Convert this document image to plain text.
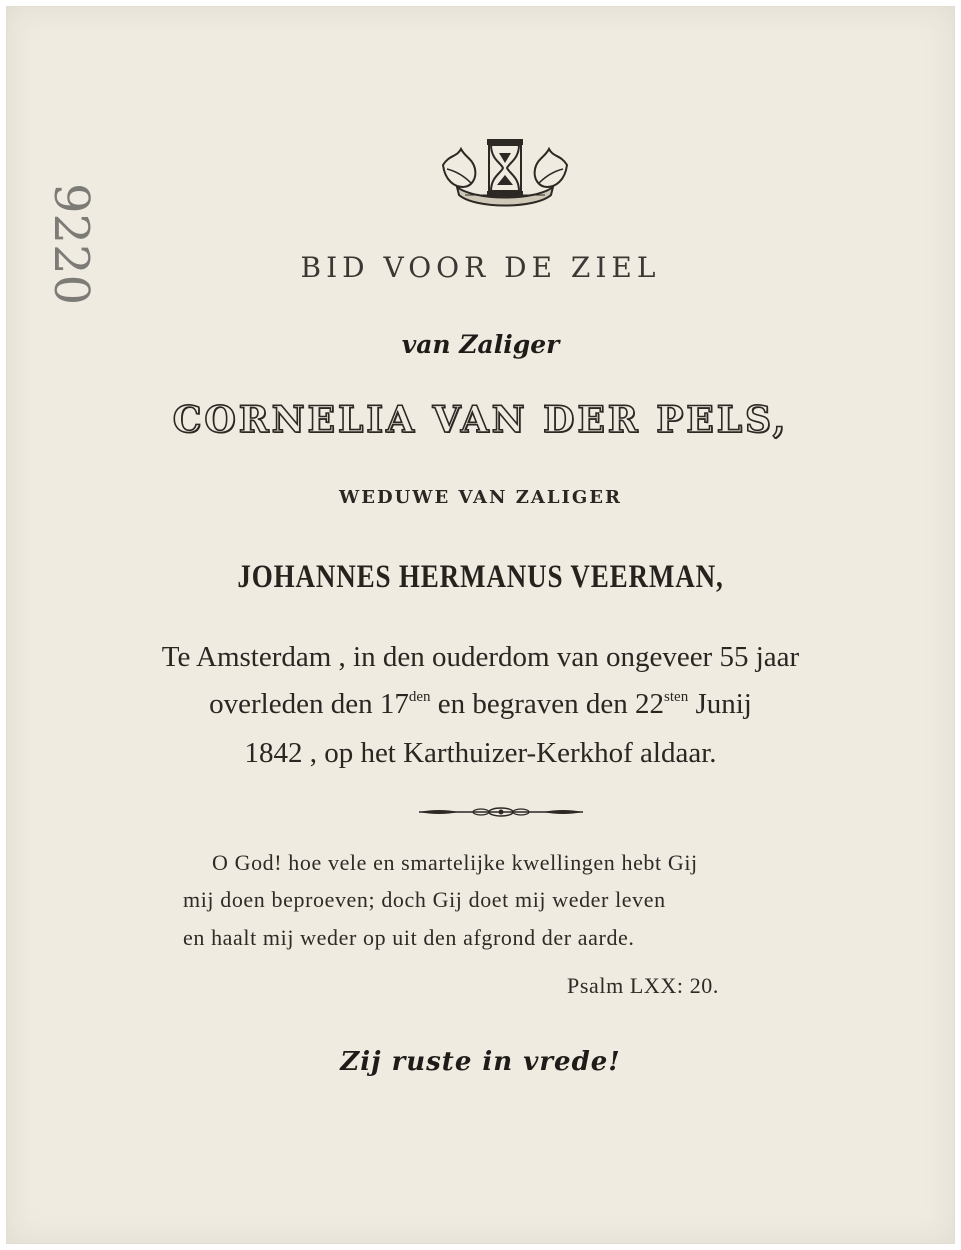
9220	BID VOOR DE ZIEL
van Zaliger
CORNELIA VAN DER PELS,
WEDUWE VAN ZALIGER
JOHANNES HERMANUS VEERMAN,
Te Amsterdam , in den ouderdom van ongeveer 55 jaar
overleden den $17^{den}$ en begraven den $22^{sten}$ Junij
1842 , op het Karthuizer-Kerkhof aldaar.
O God! hoe vele en smartelijke kwellingen hebt Gij
mij doen beproeven; doch Gij doet mij weder leven
en haalt mij weder op uit den afgrond der aarde.
Psalm LXX: 20.
Zij ruste in vrede!
